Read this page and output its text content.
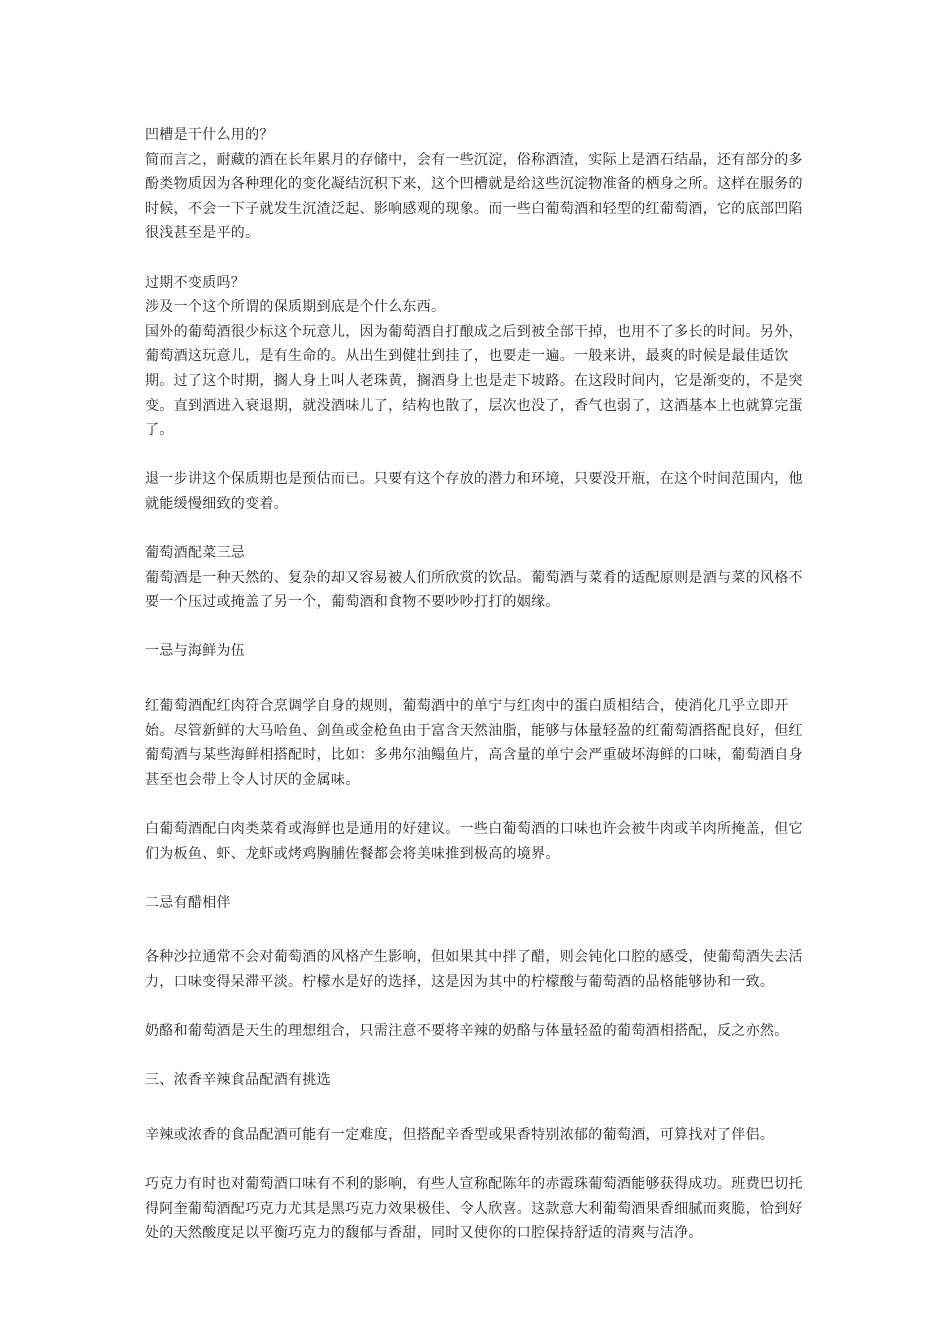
凹槽是干什么用的？

简而言之，耐藏的酒在长年累月的存储中，会有一些沉淀，俗称酒渣，实际上是酒石结晶，还有部分的多酚类物质因为各种理化的变化凝结沉积下来，这个凹槽就是给这些沉淀物准备的栖身之所。这样在服务的时候，不会一下子就发生沉渣泛起、影响感观的现象。而一些白葡萄酒和轻型的红葡萄酒，它的底部凹陷很浅甚至是平的。

过期不变质吗？

涉及一个这个所谓的保质期到底是个什么东西。

国外的葡萄酒很少标这个玩意儿，因为葡萄酒自打酿成之后到被全部干掉，也用不了多长的时间。另外，葡萄酒这玩意儿，是有生命的。从出生到健壮到挂了，也要走一遍。一般来讲，最爽的时候是最佳适饮期。过了这个时期，搁人身上叫人老珠黄，搁酒身上也是走下坡路。在这段时间内，它是渐变的，不是突变。直到酒进入衰退期，就没酒味儿了，结构也散了，层次也没了，香气也弱了，这酒基本上也就算完蛋了。

退一步讲这个保质期也是预估而已。只要有这个存放的潜力和环境，只要没开瓶，在这个时间范围内，他就能缓慢细致的变着。

葡萄酒配菜三忌

葡萄酒是一种天然的、复杂的却又容易被人们所欣赏的饮品。葡萄酒与菜肴的适配原则是酒与菜的风格不要一个压过或掩盖了另一个，葡萄酒和食物不要吵吵打打的姻缘。

一忌与海鲜为伍

红葡萄酒配红肉符合烹调学自身的规则，葡萄酒中的单宁与红肉中的蛋白质相结合，使消化几乎立即开始。尽管新鲜的大马哈鱼、剑鱼或金枪鱼由于富含天然油脂，能够与体量轻盈的红葡萄酒搭配良好，但红葡萄酒与某些海鲜相搭配时，比如：多弗尔油鳎鱼片，高含量的单宁会严重破坏海鲜的口味，葡萄酒自身甚至也会带上令人讨厌的金属味。

白葡萄酒配白肉类菜肴或海鲜也是通用的好建议。一些白葡萄酒的口味也许会被牛肉或羊肉所掩盖，但它们为板鱼、虾、龙虾或烤鸡胸脯佐餐都会将美味推到极高的境界。

二忌有醋相伴

各种沙拉通常不会对葡萄酒的风格产生影响，但如果其中拌了醋，则会钝化口腔的感受，使葡萄酒失去活力，口味变得呆滞平淡。柠檬水是好的选择，这是因为其中的柠檬酸与葡萄酒的品格能够协和一致。

奶酪和葡萄酒是天生的理想组合，只需注意不要将辛辣的奶酪与体量轻盈的葡萄酒相搭配，反之亦然。

三、浓香辛辣食品配酒有挑选

辛辣或浓香的食品配酒可能有一定难度，但搭配辛香型或果香特别浓郁的葡萄酒，可算找对了伴侣。

巧克力有时也对葡萄酒口味有不利的影响，有些人宣称配陈年的赤霞珠葡萄酒能够获得成功。班费巴切托得阿奎葡萄酒配巧克力尤其是黑巧克力效果极佳、令人欣喜。这款意大利葡萄酒果香细腻而爽脆，恰到好处的天然酸度足以平衡巧克力的馥郁与香甜，同时又使你的口腔保持舒适的清爽与洁净。
